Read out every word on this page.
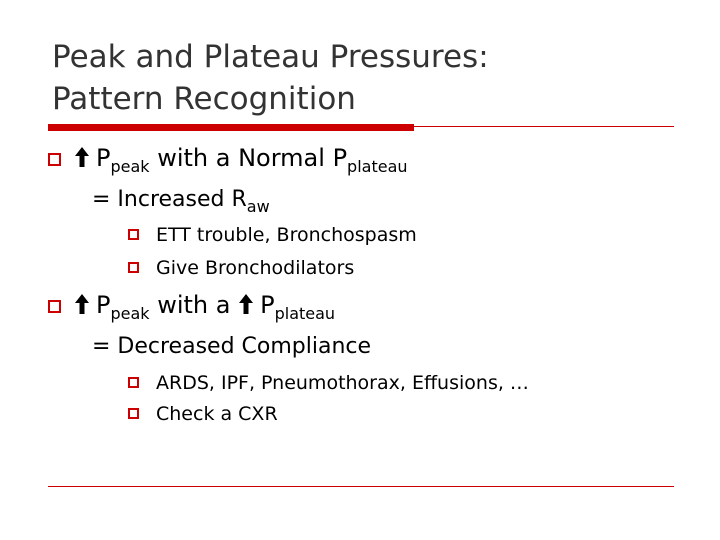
Peak and Plateau Pressures:
Pattern Recognition
$P_{peak}$ with a Normal $P_{plateau}$
= Increased $R_{aw}$
ETT trouble, Bronchospasm
Give Bronchodilators
$P_{peak}$ with a $P_{plateau}$
= Decreased Compliance
ARDS, IPF, Pneumothorax, Effusions, …
Check a CXR
